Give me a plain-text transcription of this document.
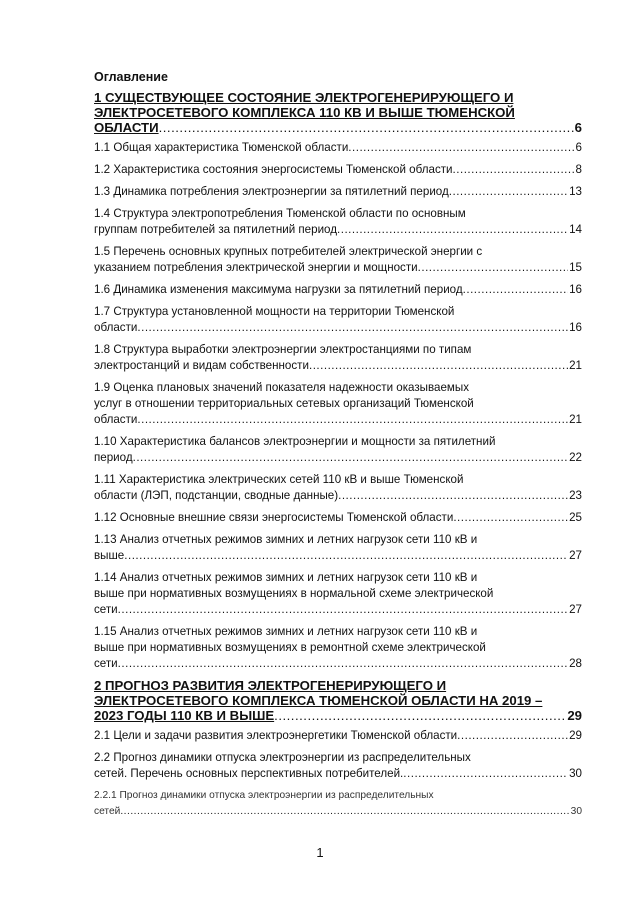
Оглавление
1 СУЩЕСТВУЮЩЕЕ СОСТОЯНИЕ ЭЛЕКТРОГЕНЕРИРУЮЩЕГО И
ЭЛЕКТРОСЕТЕВОГО КОМПЛЕКСА 110 КВ И ВЫШЕ ТЮМЕНСКОЙ
ОБЛАСТИ .....	6
1.1 Общая характеристика Тюменской области .....	6
1.2 Характеристика состояния энергосистемы Тюменской области .....	8
1.3 Динамика потребления электроэнергии за пятилетний период .....	13
1.4 Структура электропотребления Тюменской области по основным
группам потребителей за пятилетний период .....	14
1.5 Перечень основных крупных потребителей электрической энергии с
указанием потребления электрической энергии и мощности .....	15
1.6 Динамика изменения максимума нагрузки за пятилетний период .....	16
1.7 Структура установленной мощности на территории Тюменской
области .....	16
1.8 Структура выработки электроэнергии электростанциями по типам
электростанций и видам собственности .....	21
1.9 Оценка плановых значений показателя надежности оказываемых
услуг в отношении территориальных сетевых организаций Тюменской
области .....	21
1.10 Характеристика балансов электроэнергии и мощности за пятилетний
период .....	22
1.11 Характеристика электрических сетей 110 кВ и выше Тюменской
области (ЛЭП, подстанции, сводные данные) .....	23
1.12 Основные внешние связи энергосистемы Тюменской области .....	25
1.13 Анализ отчетных режимов зимних и летних нагрузок сети 110 кВ и
выше .....	27
1.14 Анализ отчетных режимов зимних и летних нагрузок сети 110 кВ и
выше при нормативных возмущениях в нормальной схеме электрической
сети .....	27
1.15 Анализ отчетных режимов зимних и летних нагрузок сети 110 кВ и
выше при нормативных возмущениях в ремонтной схеме электрической
сети .....	28
2 ПРОГНОЗ РАЗВИТИЯ ЭЛЕКТРОГЕНЕРИРУЮЩЕГО И
ЭЛЕКТРОСЕТЕВОГО КОМПЛЕКСА ТЮМЕНСКОЙ ОБЛАСТИ НА 2019 –
2023 ГОДЫ 110 КВ И ВЫШЕ .....	29
2.1 Цели и задачи развития электроэнергетики Тюменской области .....	29
2.2 Прогноз динамики отпуска электроэнергии из распределительных
сетей. Перечень основных перспективных потребителей. .....	30
2.2.1 Прогноз динамики отпуска электроэнергии из распределительных
сетей .....	30
1
